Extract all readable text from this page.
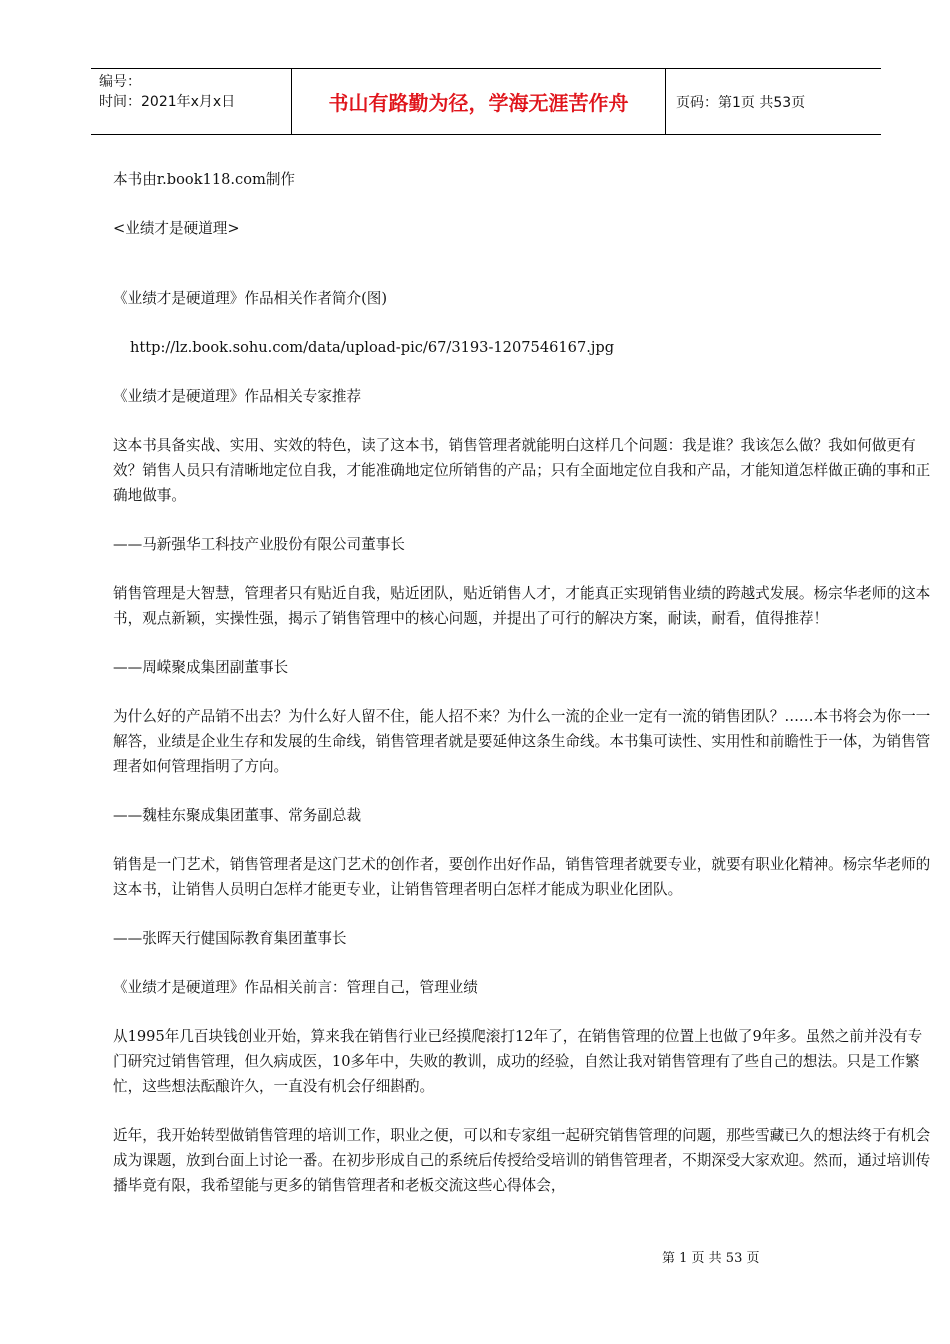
编号：
时间：2021年x月x日	书山有路勤为径，学海无涯苦作舟	页码：第1页 共53页

本书由r.book118.com制作

<业绩才是硬道理>

《业绩才是硬道理》作品相关作者简介(图)

http://lz.book.sohu.com/data/upload-pic/67/3193-1207546167.jpg

《业绩才是硬道理》作品相关专家推荐

这本书具备实战、实用、实效的特色，读了这本书，销售管理者就能明白这样几个问题：我是谁？我该怎么做？我如何做更有效？销售人员只有清晰地定位自我，才能准确地定位所销售的产品；只有全面地定位自我和产品，才能知道怎样做正确的事和正确地做事。

——马新强华工科技产业股份有限公司董事长

销售管理是大智慧，管理者只有贴近自我，贴近团队，贴近销售人才，才能真正实现销售业绩的跨越式发展。杨宗华老师的这本书，观点新颖，实操性强，揭示了销售管理中的核心问题，并提出了可行的解决方案，耐读，耐看，值得推荐！

——周嵘聚成集团副董事长

为什么好的产品销不出去？为什么好人留不住，能人招不来？为什么一流的企业一定有一流的销售团队？……本书将会为你一一解答，业绩是企业生存和发展的生命线，销售管理者就是要延伸这条生命线。本书集可读性、实用性和前瞻性于一体，为销售管理者如何管理指明了方向。

——魏桂东聚成集团董事、常务副总裁

销售是一门艺术，销售管理者是这门艺术的创作者，要创作出好作品，销售管理者就要专业，就要有职业化精神。杨宗华老师的这本书，让销售人员明白怎样才能更专业，让销售管理者明白怎样才能成为职业化团队。

——张晖天行健国际教育集团董事长

《业绩才是硬道理》作品相关前言：管理自己，管理业绩

从1995年几百块钱创业开始，算来我在销售行业已经摸爬滚打12年了，在销售管理的位置上也做了9年多。虽然之前并没有专门研究过销售管理，但久病成医，10多年中，失败的教训，成功的经验，自然让我对销售管理有了些自己的想法。只是工作繁忙，这些想法酝酿许久，一直没有机会仔细斟酌。

近年，我开始转型做销售管理的培训工作，职业之便，可以和专家组一起研究销售管理的问题，那些雪藏已久的想法终于有机会成为课题，放到台面上讨论一番。在初步形成自己的系统后传授给受培训的销售管理者，不期深受大家欢迎。然而，通过培训传播毕竟有限，我希望能与更多的销售管理者和老板交流这些心得体会，

第 1 页 共 53 页
